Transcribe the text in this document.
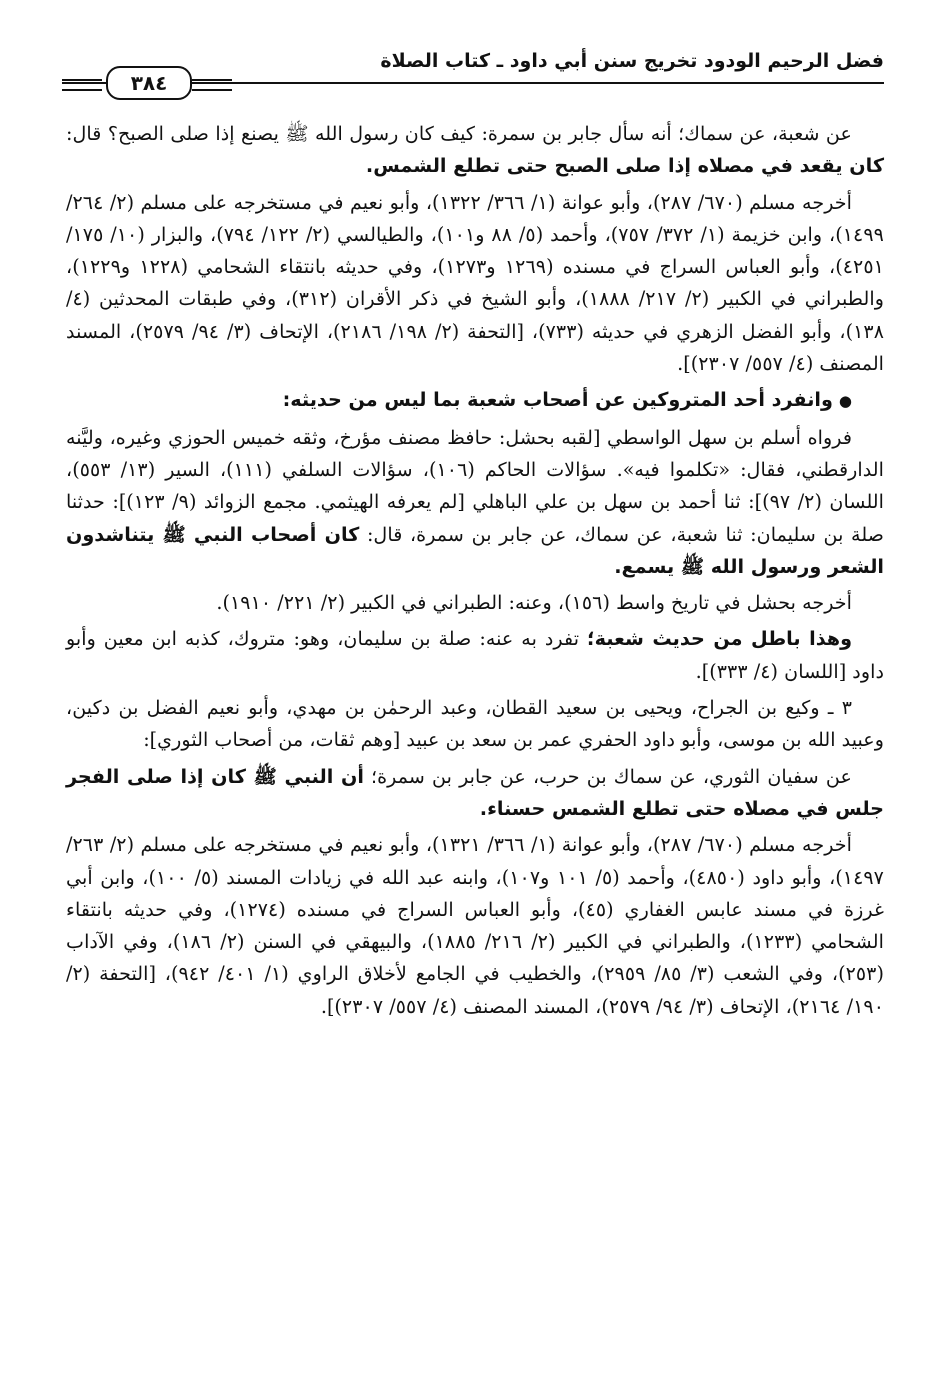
فضل الرحيم الودود تخريج سنن أبي داود ـ كتاب الصلاة
٣٨٤

عن شعبة، عن سماك؛ أنه سأل جابر بن سمرة: كيف كان رسول الله ﷺ يصنع إذا صلى الصبح؟ قال: كان يقعد في مصلاه إذا صلى الصبح حتى تطلع الشمس.

أخرجه مسلم (٦٧٠/ ٢٨٧)، وأبو عوانة (١/ ٣٦٦/ ١٣٢٢)، وأبو نعيم في مستخرجه على مسلم (٢/ ٢٦٤/ ١٤٩٩)، وابن خزيمة (١/ ٣٧٢/ ٧٥٧)، وأحمد (٥/ ٨٨ و١٠١)، والطيالسي (٢/ ١٢٢/ ٧٩٤)، والبزار (١٠/ ١٧٥/ ٤٢٥١)، وأبو العباس السراج في مسنده (١٢٦٩ و١٢٧٣)، وفي حديثه بانتقاء الشحامي (١٢٢٨ و١٢٢٩)، والطبراني في الكبير (٢/ ٢١٧/ ١٨٨٨)، وأبو الشيخ في ذكر الأقران (٣١٢)، وفي طبقات المحدثين (٤/ ١٣٨)، وأبو الفضل الزهري في حديثه (٧٣٣)، [التحفة (٢/ ١٩٨/ ٢١٨٦)، الإتحاف (٣/ ٩٤/ ٢٥٧٩)، المسند المصنف (٤/ ٥٥٧/ ٢٣٠٧)].

●وانفرد أحد المتروكين عن أصحاب شعبة بما ليس من حديثه:

فرواه أسلم بن سهل الواسطي [لقبه بحشل: حافظ مصنف مؤرخ، وثقه خميس الحوزي وغيره، وليَّنه الدارقطني، فقال: «تكلموا فيه». سؤالات الحاكم (١٠٦)، سؤالات السلفي (١١١)، السير (١٣/ ٥٥٣)، اللسان (٢/ ٩٧)]: ثنا أحمد بن سهل بن علي الباهلي [لم يعرفه الهيثمي. مجمع الزوائد (٩/ ١٢٣)]: حدثنا صلة بن سليمان: ثنا شعبة، عن سماك، عن جابر بن سمرة، قال: كان أصحاب النبي ﷺ يتناشدون الشعر ورسول الله ﷺ يسمع.

أخرجه بحشل في تاريخ واسط (١٥٦)، وعنه: الطبراني في الكبير (٢/ ٢٢١/ ١٩١٠).

وهذا باطل من حديث شعبة؛ تفرد به عنه: صلة بن سليمان، وهو: متروك، كذبه ابن معين وأبو داود [اللسان (٤/ ٣٣٣)].

٣ ـ وكيع بن الجراح، ويحيى بن سعيد القطان، وعبد الرحمٰن بن مهدي، وأبو نعيم الفضل بن دكين، وعبيد الله بن موسى، وأبو داود الحفري عمر بن سعد بن عبيد [وهم ثقات، من أصحاب الثوري]:

عن سفيان الثوري، عن سماك بن حرب، عن جابر بن سمرة؛ أن النبي ﷺ كان إذا صلى الفجر جلس في مصلاه حتى تطلع الشمس حسناء.

أخرجه مسلم (٦٧٠/ ٢٨٧)، وأبو عوانة (١/ ٣٦٦/ ١٣٢١)، وأبو نعيم في مستخرجه على مسلم (٢/ ٢٦٣/ ١٤٩٧)، وأبو داود (٤٨٥٠)، وأحمد (٥/ ١٠١ و١٠٧)، وابنه عبد الله في زيادات المسند (٥/ ١٠٠)، وابن أبي غرزة في مسند عابس الغفاري (٤٥)، وأبو العباس السراج في مسنده (١٢٧٤)، وفي حديثه بانتقاء الشحامي (١٢٣٣)، والطبراني في الكبير (٢/ ٢١٦/ ١٨٨٥)، والبيهقي في السنن (٢/ ١٨٦)، وفي الآداب (٢٥٣)، وفي الشعب (٣/ ٨٥/ ٢٩٥٩)، والخطيب في الجامع لأخلاق الراوي (١/ ٤٠١/ ٩٤٢)، [التحفة (٢/ ١٩٠/ ٢١٦٤)، الإتحاف (٣/ ٩٤/ ٢٥٧٩)، المسند المصنف (٤/ ٥٥٧/ ٢٣٠٧)].
